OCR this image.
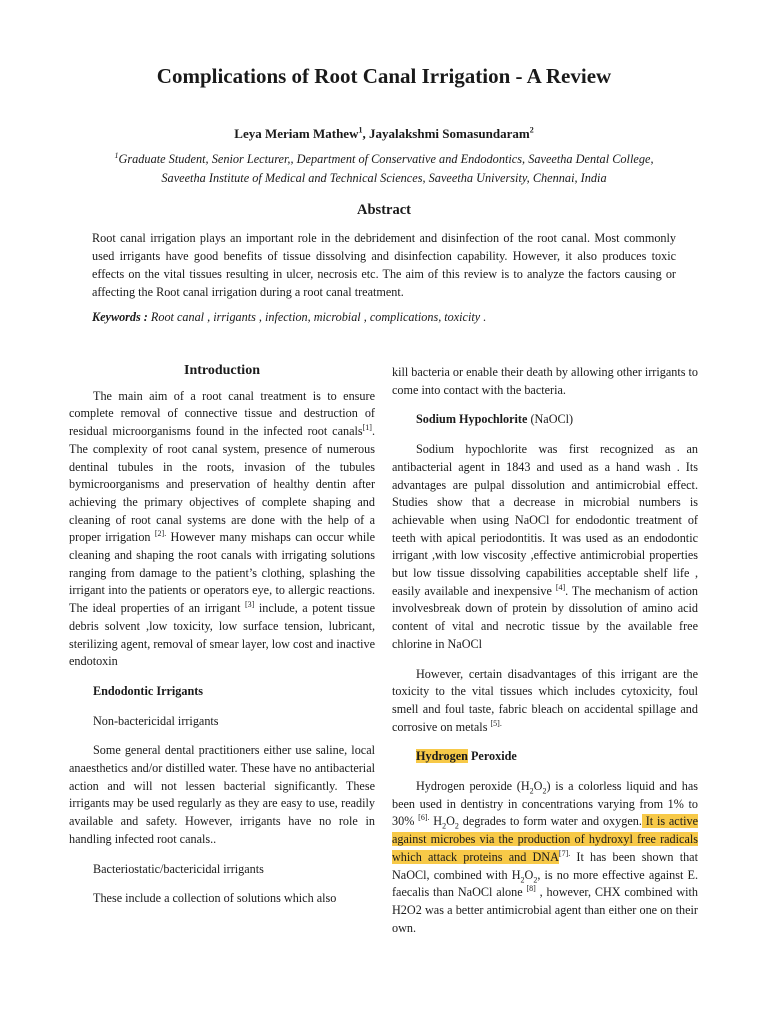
Complications of Root Canal Irrigation - A Review
Leya Meriam Mathew$^1$, Jayalakshmi Somasundaram$^2$
$^1$Graduate Student, Senior Lecturer,, Department of Conservative and Endodontics, Saveetha Dental College,
Saveetha Institute of Medical and Technical Sciences, Saveetha University, Chennai, India
Abstract

Root canal irrigation plays an important role in the debridement and disinfection of the root canal. Most commonly used irrigants have good benefits of tissue dissolving and disinfection capability. However, it also produces toxic effects on the vital tissues resulting in ulcer, necrosis etc. The aim of this review is to analyze the factors causing or affecting the Root canal irrigation during a root canal treatment.

Keywords : Root canal , irrigants , infection, microbial , complications, toxicity .

Introduction

The main aim of a root canal treatment is to ensure complete removal of connective tissue and destruction of residual microorganisms found in the infected root canals[1]. The complexity of root canal system, presence of numerous dentinal tubules in the roots, invasion of the tubules bymicroorganisms and preservation of healthy dentin after achieving the primary objectives of complete shaping and cleaning of root canal systems are done with the help of a proper irrigation $^{[2].}$ However many mishaps can occur while cleaning and shaping the root canals with irrigating solutions ranging from damage to the patient’s clothing, splashing the irrigant into the patients or operators eye, to allergic reactions. The ideal properties of an irrigant [3] include, a potent tissue debris solvent ,low toxicity, low surface tension, lubricant, sterilizing agent, removal of smear layer, low cost and inactive endotoxin

Endodontic Irrigants

Non-bactericidal irrigants

Some general dental practitioners either use saline, local anaesthetics and/or distilled water. These have no antibacterial action and will not lessen bacterial significantly. These irrigants may be used regularly as they are easy to use, readily available and safety. However, irrigants have no role in handling infected root canals..

Bacteriostatic/bactericidal irrigants

These include a collection of solutions which also

kill bacteria or enable their death by allowing other irrigants to come into contact with the bacteria.

Sodium Hypochlorite (NaOCl)

Sodium hypochlorite was first recognized as an antibacterial agent in 1843 and used as a hand wash . Its advantages are pulpal dissolution and antimicrobial effect. Studies show that a decrease in microbial numbers is achievable when using NaOCl for endodontic treatment of teeth with apical periodontitis. It was used as an endodontic irrigant ,with low viscosity ,effective antimicrobial properties but low tissue dissolving capabilities acceptable shelf life , easily available and inexpensive [4]. The mechanism of action involvesbreak down of protein by dissolution of amino acid content of vital and necrotic tissue by the available free chlorine in NaOCl

However, certain disadvantages of this irrigant are the toxicity to the vital tissues which includes cytoxicity, foul smell and foul taste, fabric bleach on accidental spillage and corrosive on metals $^{[5].}$

Hydrogen Peroxide

Hydrogen peroxide $(H_2O_2)$ is a colorless liquid and has been used in dentistry in concentrations varying from 1% to 30% $^{[6].}$ $H_2O_2$ degrades to form water and oxygen. It is active against microbes via the production of hydroxyl free radicals which attack proteins and $DNA^{[7].}$ It has been shown that NaOCl, combined with $H_2O_2$, is no more effective against E. faecalis than NaOCl alone [8] , however, CHX combined with H2O2 was a better antimicrobial agent than either one on their own.
